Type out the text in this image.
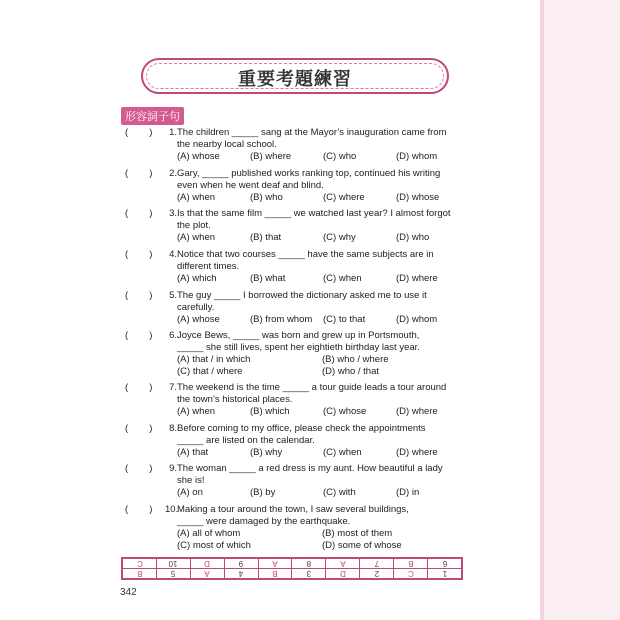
重要考題練習
形容詞子句
(        )	1. The children _____ sang at the Mayor’s inauguration came from
the nearby local school.
(A) whose	(B) where	(C) who	(D) whom
(        )	2. Gary, _____ published works ranking top, continued his writing
even when he went deaf and blind.
(A) when	(B) who	(C) where	(D) whose
(        )	3. Is that the same film _____ we watched last year? I almost forgot
the plot.
(A) when	(B) that	(C) why	(D) who
(        )	4. Notice that two courses _____ have the same subjects are in
different times.
(A) which	(B) what	(C) when	(D) where
(        )	5. The guy _____ I borrowed the dictionary asked me to use it
carefully.
(A) whose	(B) from whom (C) to that	(D) whom
(        )	6. Joyce Bews, _____ was born and grew up in Portsmouth,
_____ she still lives, spent her eightieth birthday last year.
(A) that / in which	(B) who / where
(C) that / where	(D) who / that
(        )	7. The weekend is the time _____ a tour guide leads a tour around
the town’s historical places.
(A) when	(B) which	(C) whose	(D) where
(        )	8. Before coming to my office, please check the appointments
_____ are listed on the calendar.
(A) that	(B) why	(C) when	(D) where
(        )	9. The woman _____ a red dress is my aunt. How beautiful a lady
she is!
(A) on	(B) by	(C) with	(D) in
(        )	10.
Making a tour around the town, I saw several buildings,
_____ were damaged by the earthquake.
(A) all of whom	(B) most of them
(C) most of which	(D) some of whose
C	10	D	9	A	8	A	7	B	6
B	5	A	4	B	3	D	2	C	1
342
